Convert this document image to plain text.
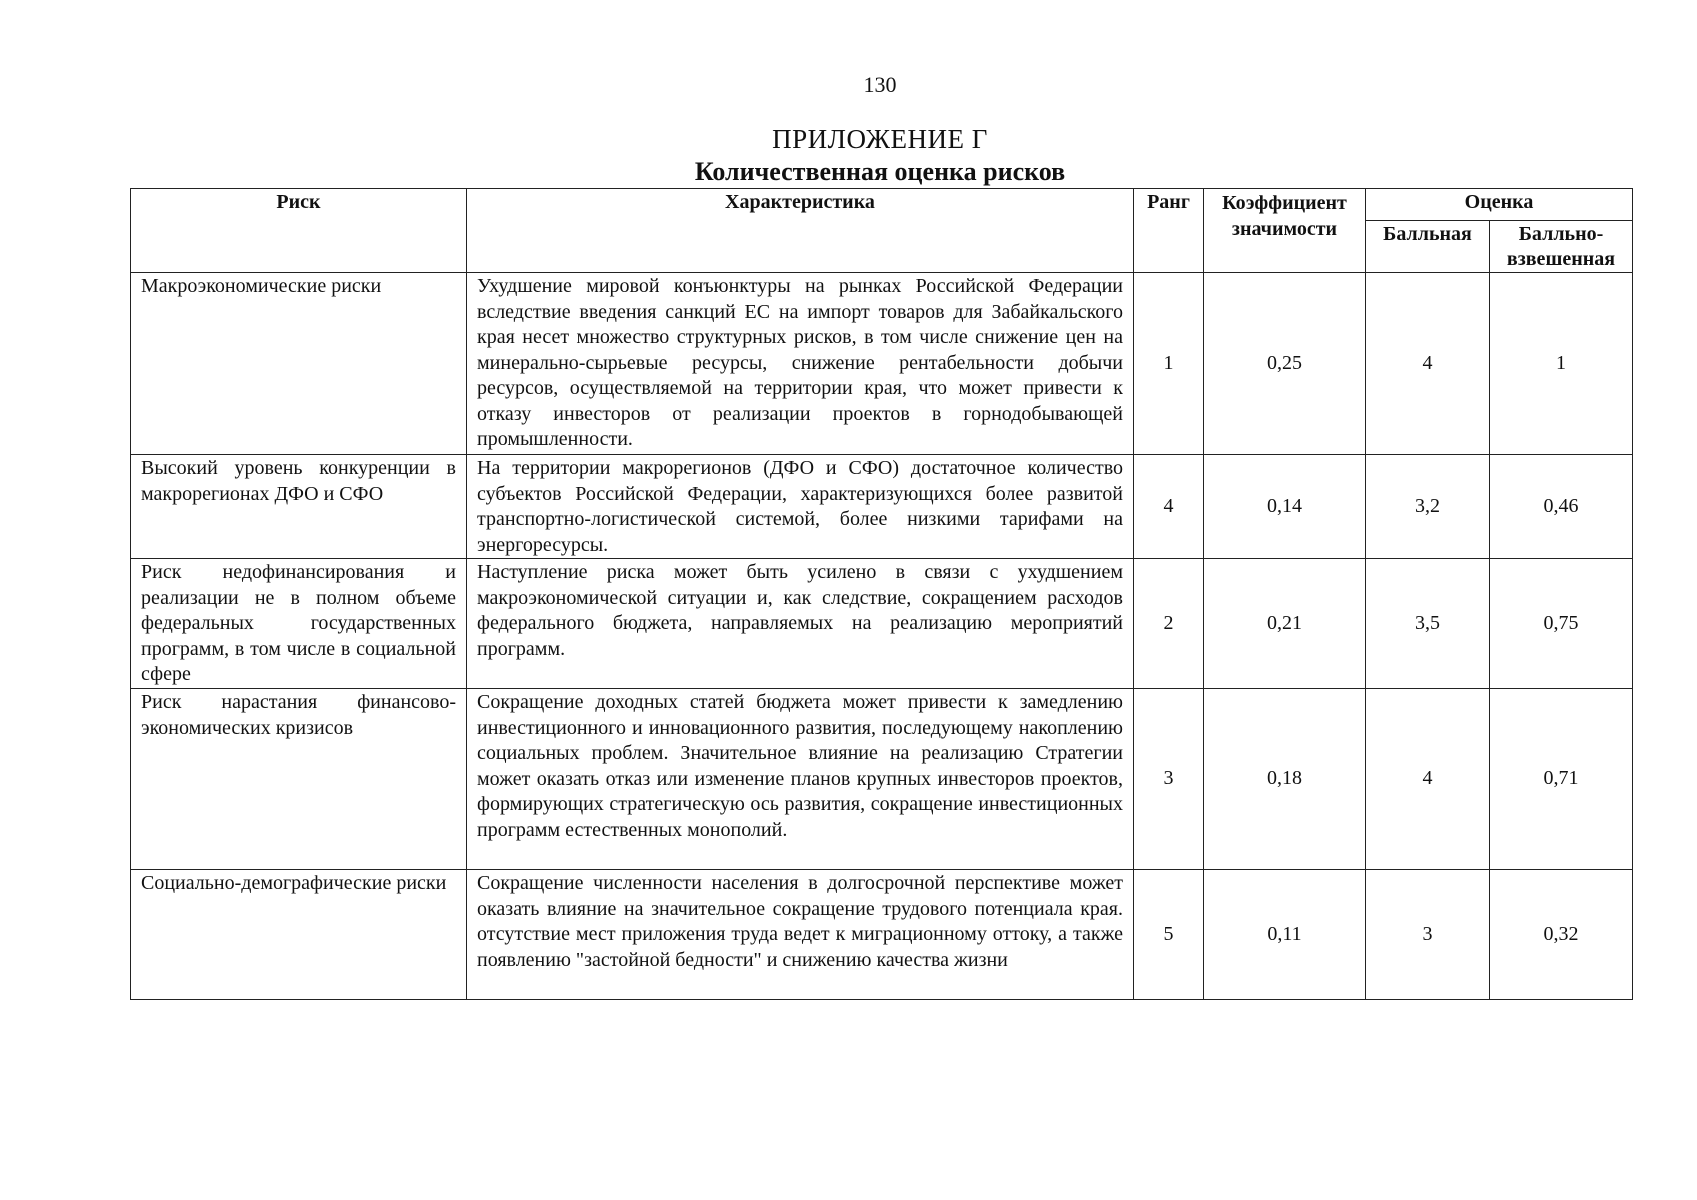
130
ПРИЛОЖЕНИЕ Г
Количественная оценка рисков
Риск	Характеристика	Ранг	Коэффициент значимости	Оценка	
				Балльная	Балльно-взвешенная
Макроэкономические риски	Ухудшение мировой конъюнктуры на рынках Российской Федерации вследствие введения санкций ЕС на импорт товаров для Забайкальского края несет множество структурных рисков, в том числе снижение цен на минерально-сырьевые ресурсы, снижение рентабельности добычи ресурсов, осуществляемой на территории края, что может привести к отказу инвесторов от реализации проектов в горнодобывающей промышленности.	1	0,25	4	1
Высокий уровень конкуренции в макрорегионах ДФО и СФО	На территории макрорегионов (ДФО и СФО) достаточное количество субъектов Российской Федерации, характеризующихся более развитой транспортно-логистической системой, более низкими тарифами на энергоресурсы.	4	0,14	3,2	0,46
Риск недофинансирования и реализации не в полном объеме федеральных государственных программ, в том числе в социальной сфере	Наступление риска может быть усилено в связи с ухудшением макроэкономической ситуации и, как следствие, сокращением расходов федерального бюджета, направляемых на реализацию мероприятий программ.	2	0,21	3,5	0,75
Риск нарастания финансово-экономических кризисов	Сокращение доходных статей бюджета может привести к замедлению инвестиционного и инновационного развития, последующему накоплению социальных проблем. Значительное влияние на реализацию Стратегии может оказать отказ или изменение планов крупных инвесторов проектов, формирующих стратегическую ось развития, сокращение инвестиционных программ естественных монополий.	3	0,18	4	0,71
Социально-демографические риски	Сокращение численности населения в долгосрочной перспективе может оказать влияние на значительное сокращение трудового потенциала края. отсутствие мест приложения труда ведет к миграционному оттоку, а также появлению "застойной бедности" и снижению качества жизни	5	0,11	3	0,32
